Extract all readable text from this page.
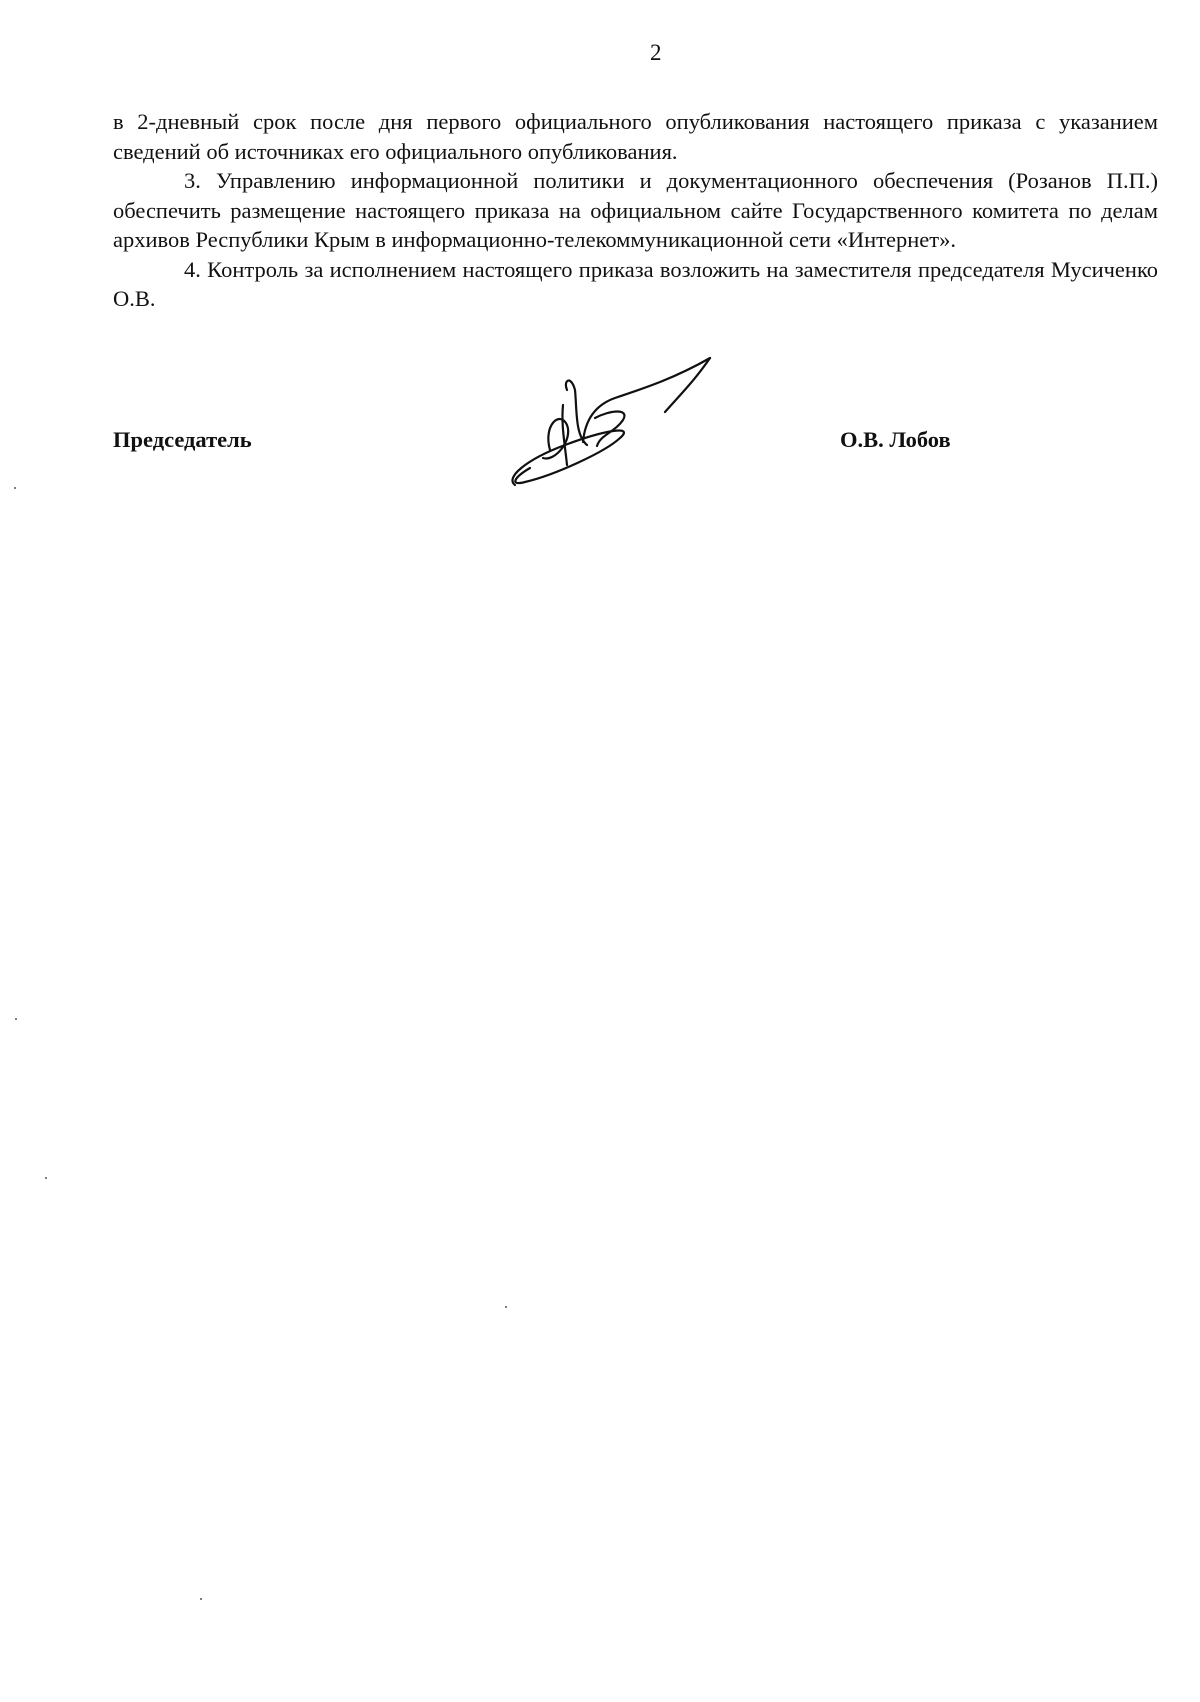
2

в 2-дневный срок после дня первого официального опубликования настоящего приказа с указанием сведений об источниках его официального опубликования.

3. Управлению информационной политики и документационного обеспечения (Розанов П.П.) обеспечить размещение настоящего приказа на официальном сайте Государственного комитета по делам архивов Республики Крым в информационно-телекоммуникационной сети «Интернет».

4. Контроль за исполнением настоящего приказа возложить на заместителя председателя Мусиченко О.В.

Председатель	О.В. Лобов
